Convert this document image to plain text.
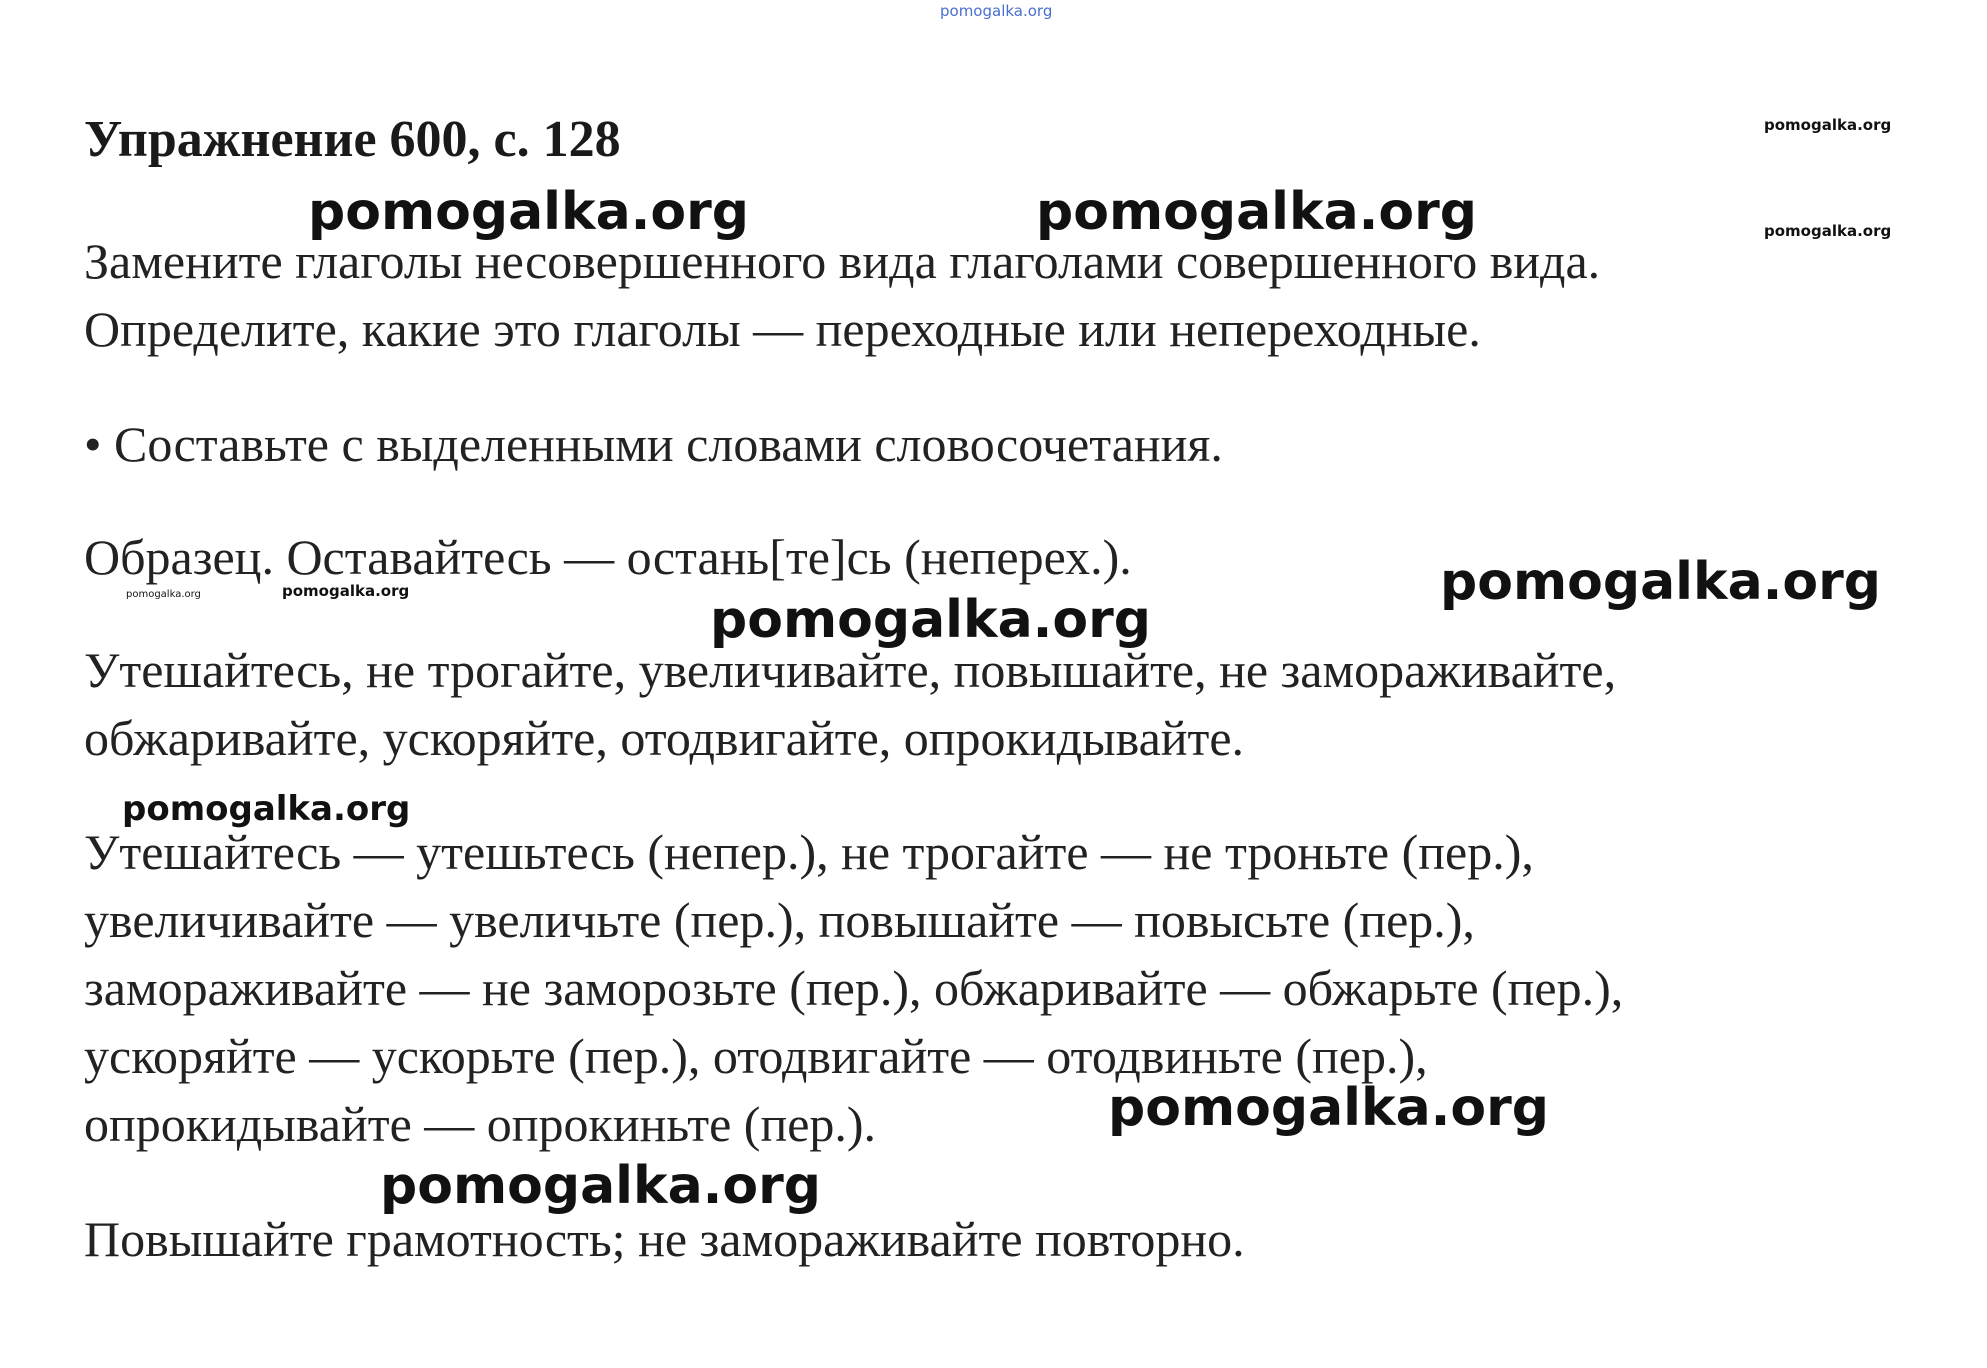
pomogalka.org
pomogalka.org
pomogalka.org
pomogalka.org	pomogalka.org
pomogalka.org
pomogalka.org
pomogalka.org	pomogalka.org
pomogalka.org
pomogalka.org
pomogalka.org
Упражнение 600, с. 128
Замените глаголы несовершенного вида глаголами совершенного вида.
Определите, какие это глаголы — переходные или непереходные.
• Составьте с выделенными словами словосочетания.
Образец. Оставайтесь — остань[те]сь (неперех.).
Утешайтесь, не трогайте, увеличивайте, повышайте, не замораживайте,
обжаривайте, ускоряйте, отодвигайте, опрокидывайте.
Утешайтесь — утешьтесь (непер.), не трогайте — не троньте (пер.),
увеличивайте — увеличьте (пер.), повышайте — повысьте (пер.),
замораживайте — не заморозьте (пер.), обжаривайте — обжарьте (пер.),
ускоряйте — ускорьте (пер.), отодвигайте — отодвиньте (пер.),
опрокидывайте — опрокиньте (пер.).
Повышайте грамотность; не замораживайте повторно.
